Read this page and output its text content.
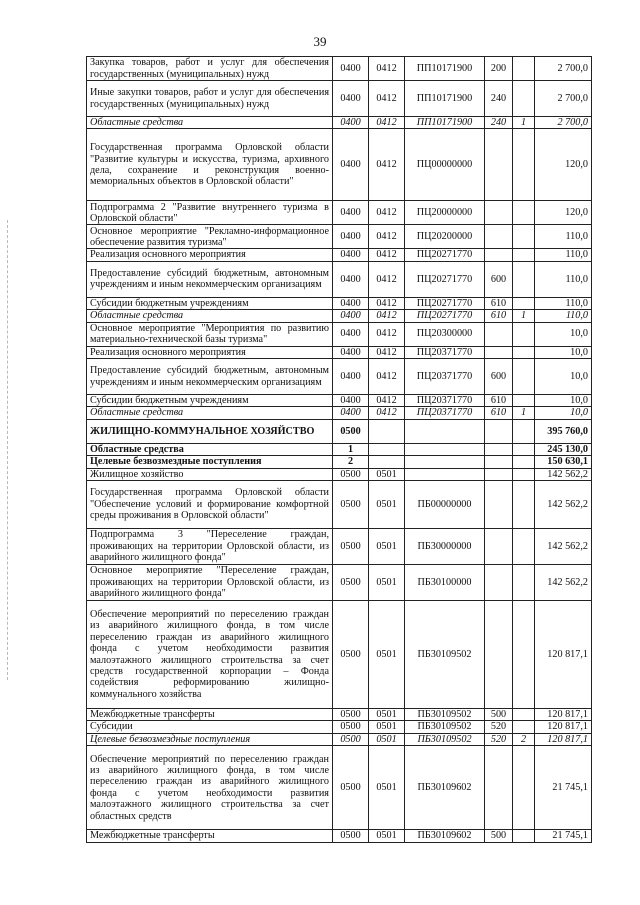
39
Закупка товаров, работ и услуг для обеспечения государственных (муниципальных) нужд	0400	0412	ПП10171900	200		2 700,0
Иные закупки товаров, работ и услуг для обеспечения государственных (муниципальных) нужд	0400	0412	ПП10171900	240		2 700,0
Областные средства	0400	0412	ПП10171900	240	1	2 700,0
Государственная программа Орловской области "Развитие культуры и искусства, туризма, архивного дела, сохранение и реконструкция военно-мемориальных объектов в Орловской области"	0400	0412	ПЦ00000000			120,0
Подпрограмма 2 "Развитие внутреннего туризма в Орловской области"	0400	0412	ПЦ20000000			120,0
Основное мероприятие "Рекламно-информационное обеспечение развития туризма"	0400	0412	ПЦ20200000			110,0
Реализация основного мероприятия	0400	0412	ПЦ20271770			110,0
Предоставление субсидий бюджетным, автономным учреждениям и иным некоммерческим организациям	0400	0412	ПЦ20271770	600		110,0
Субсидии бюджетным учреждениям	0400	0412	ПЦ20271770	610		110,0
Областные средства	0400	0412	ПЦ20271770	610	1	110,0
Основное мероприятие "Мероприятия по развитию материально-технической базы туризма"	0400	0412	ПЦ20300000			10,0
Реализация основного мероприятия	0400	0412	ПЦ20371770			10,0
Предоставление субсидий бюджетным, автономным учреждениям и иным некоммерческим организациям	0400	0412	ПЦ20371770	600		10,0
Субсидии бюджетным учреждениям	0400	0412	ПЦ20371770	610		10,0
Областные средства	0400	0412	ПЦ20371770	610	1	10,0
ЖИЛИЩНО-КОММУНАЛЬНОЕ ХОЗЯЙСТВО	0500					395 760,0
Областные средства	1					245 130,0
Целевые безвозмездные поступления	2					150 630,1
Жилищное хозяйство	0500	0501				142 562,2
Государственная программа Орловской области "Обеспечение условий и формирование комфортной среды проживания в Орловской области"	0500	0501	ПБ00000000			142 562,2
Подпрограмма 3 "Переселение граждан, проживающих на территории Орловской области, из аварийного жилищного фонда"	0500	0501	ПБ30000000			142 562,2
Основное мероприятие "Переселение граждан, проживающих на территории Орловской области, из аварийного жилищного фонда"	0500	0501	ПБ30100000			142 562,2
Обеспечение мероприятий по переселению граждан из аварийного жилищного фонда, в том числе переселению граждан из аварийного жилищного фонда с учетом необходимости развития малоэтажного жилищного строительства за счет средств государственной корпорации – Фонда содействия реформированию жилищно-коммунального хозяйства	0500	0501	ПБ30109502			120 817,1
Межбюджетные трансферты	0500	0501	ПБ30109502	500		120 817,1
Субсидии	0500	0501	ПБ30109502	520		120 817,1
Целевые безвозмездные поступления	0500	0501	ПБ30109502	520	2	120 817,1
Обеспечение мероприятий по переселению граждан из аварийного жилищного фонда, в том числе переселению граждан из аварийного жилищного фонда с учетом необходимости развития малоэтажного жилищного строительства за счет областных средств	0500	0501	ПБ30109602			21 745,1
Межбюджетные трансферты	0500	0501	ПБ30109602	500		21 745,1
